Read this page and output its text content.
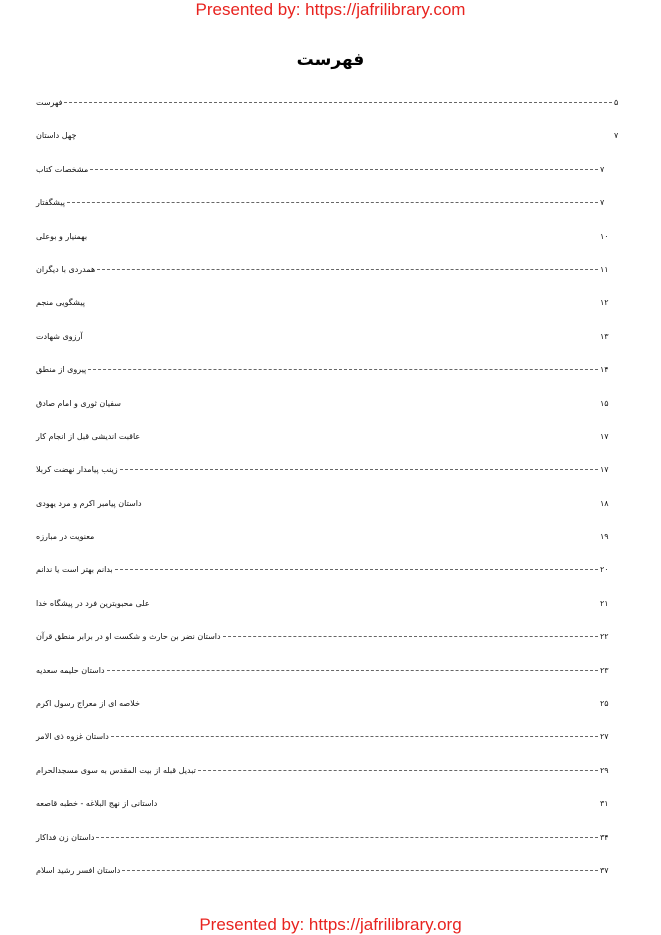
Presented by: https://jafrilibrary.com
فهرست
فهرست	۵
چهل داستان	۷
مشخصات کتاب	۷
پیشگفتار	۷
بهمنیار و بوعلی	۱۰
همدردی با دیگران	۱۱
پیشگویی منجم	۱۲
آرزوی شهادت	۱۳
پیروی از منطق	۱۴
سفیان ثوری و امام صادق	۱۵
عاقبت اندیشی قبل از انجام کار	۱۷
زینب پیامدار نهضت کربلا	۱۷
داستان پیامبر اکرم و مرد یهودی	۱۸
معنویت در مبارزه	۱۹
بدانم بهتر است یا ندانم	۲۰
علی محبوبترین فرد در پیشگاه خدا	۲۱
داستان نضر بن حارث و شکست او در برابر منطق قرآن	۲۲
داستان حلیمه سعدیه	۲۳
خلاصه ای از معراج رسول اکرم	۲۵
داستان غزوه ذی الامر	۲۷
تبدیل قبله از بیت المقدس به سوی مسجدالحرام	۲۹
داستانی از نهج البلاغه - خطبه قاصعه	۳۱
داستان زن فداکار	۳۴
داستان افسر رشید اسلام	۳۷
Presented by: https://jafrilibrary.org
